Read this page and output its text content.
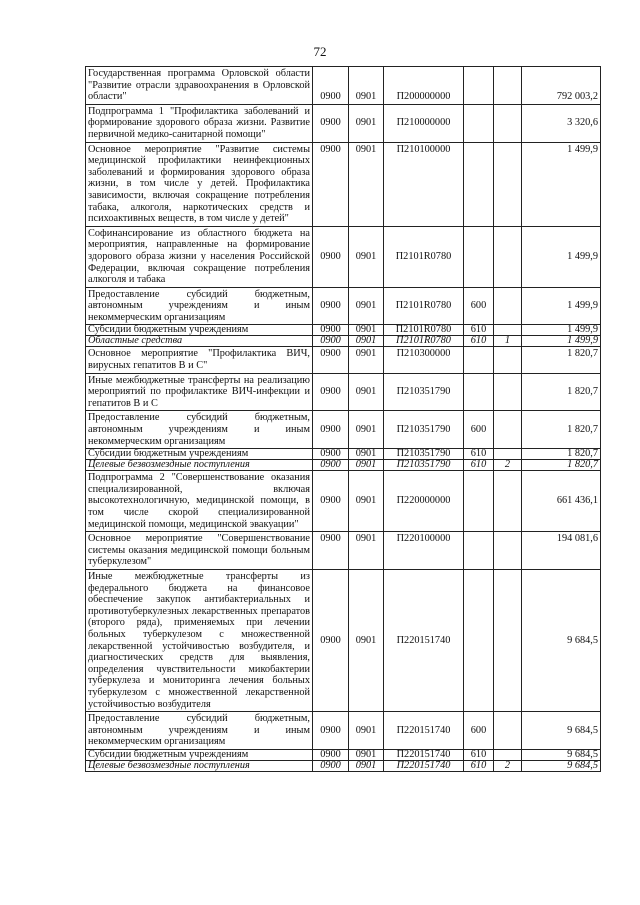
72
Государственная программа Орловской области "Развитие отрасли здравоохранения в Орловской области"	0900	0901	П200000000			792 003,2
Подпрограмма 1 "Профилактика заболеваний и формирование здорового образа жизни. Развитие первичной медико-санитарной помощи"	0900	0901	П210000000			3 320,6
Основное мероприятие "Развитие системы медицинской профилактики неинфекционных заболеваний и формирования здорового образа жизни, в том числе у детей. Профилактика зависимости, включая сокращение потребления табака, алкоголя, наркотических средств и психоактивных веществ, в том числе у детей"	0900	0901	П210100000			1 499,9
Софинансирование из областного бюджета на мероприятия, направленные на формирование здорового образа жизни у населения Российской Федерации, включая сокращение потребления алкоголя и табака	0900	0901	П2101R0780			1 499,9
Предоставление субсидий бюджетным, автономным учреждениям и иным некоммерческим организациям	0900	0901	П2101R0780	600		1 499,9
Субсидии бюджетным учреждениям	0900	0901	П2101R0780	610		1 499,9
Областные средства	0900	0901	П2101R0780	610	1	1 499,9
Основное мероприятие "Профилактика ВИЧ, вирусных гепатитов В и С"	0900	0901	П210300000			1 820,7
Иные межбюджетные трансферты на реализацию мероприятий по профилактике ВИЧ-инфекции и гепатитов В и С	0900	0901	П210351790			1 820,7
Предоставление субсидий бюджетным, автономным учреждениям и иным некоммерческим организациям	0900	0901	П210351790	600		1 820,7
Субсидии бюджетным учреждениям	0900	0901	П210351790	610		1 820,7
Целевые безвозмездные поступления	0900	0901	П210351790	610	2	1 820,7
Подпрограмма 2 "Совершенствование оказания специализированной, включая высокотехнологичную, медицинской помощи, в том числе скорой специализированной медицинской помощи, медицинской эвакуации"	0900	0901	П220000000			661 436,1
Основное мероприятие "Совершенствование системы оказания медицинской помощи больным туберкулезом"	0900	0901	П220100000			194 081,6
Иные межбюджетные трансферты из федерального бюджета на финансовое обеспечение закупок антибактериальных и противотуберкулезных лекарственных препаратов (второго ряда), применяемых при лечении больных туберкулезом с множественной лекарственной устойчивостью возбудителя, и диагностических средств для выявления, определения чувствительности микобактерии туберкулеза и мониторинга лечения больных туберкулезом с множественной лекарственной устойчивостью возбудителя	0900	0901	П220151740			9 684,5
Предоставление субсидий бюджетным, автономным учреждениям и иным некоммерческим организациям	0900	0901	П220151740	600		9 684,5
Субсидии бюджетным учреждениям	0900	0901	П220151740	610		9 684,5
Целевые безвозмездные поступления	0900	0901	П220151740	610	2	9 684,5
